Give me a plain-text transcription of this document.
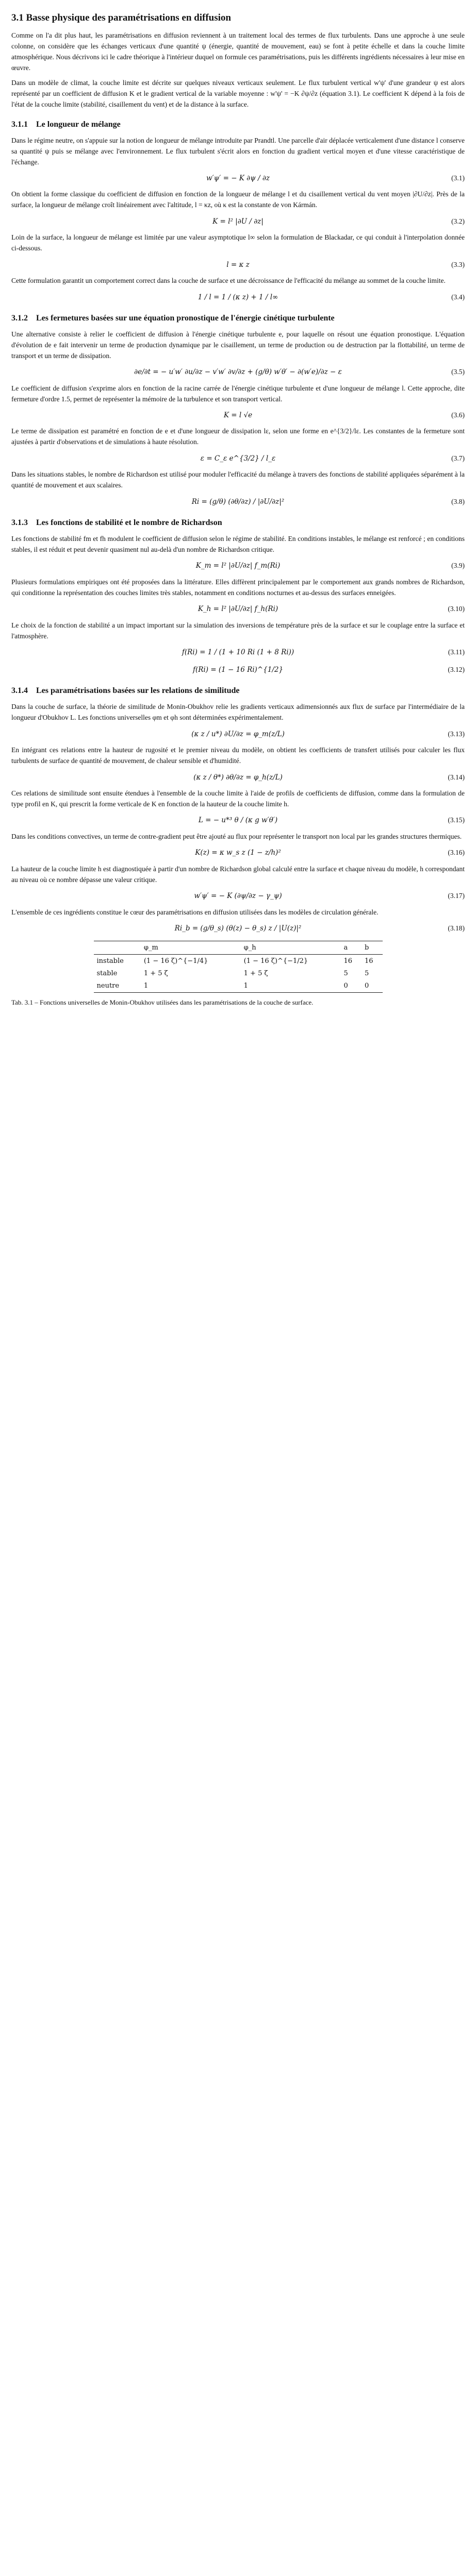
3.1 Basse physique des paramétrisations en diffusion

Comme on l'a dit plus haut, les paramétrisations en diffusion reviennent à un traitement local des termes de flux turbulents. Dans une approche à une seule colonne, on considère que les échanges verticaux d'une quantité ψ (énergie, quantité de mouvement, eau) se font à petite échelle et dans la couche limite atmosphérique. Nous décrivons ici le cadre théorique à l'intérieur duquel on formule ces paramétrisations, puis les différents ingrédients nécessaires à leur mise en œuvre.

Dans un modèle de climat, la couche limite est décrite sur quelques niveaux verticaux seulement. Le flux turbulent vertical w'ψ' d'une grandeur ψ est alors représenté par un coefficient de diffusion K et le gradient vertical de la variable moyenne : w'ψ' = −K ∂ψ/∂z (équation 3.1). Le coefficient K dépend à la fois de l'état de la couche limite (stabilité, cisaillement du vent) et de la distance à la surface.

3.1.1  Le longueur de mélange

Dans le régime neutre, on s'appuie sur la notion de longueur de mélange introduite par Prandtl. Une parcelle d'air déplacée verticalement d'une distance l conserve sa quantité ψ puis se mélange avec l'environnement. Le flux turbulent s'écrit alors en fonction du gradient vertical moyen et d'une vitesse caractéristique de l'échange.

w′ψ′ = − K ∂ψ / ∂z	(3.1)

On obtient la forme classique du coefficient de diffusion en fonction de la longueur de mélange l et du cisaillement vertical du vent moyen |∂U/∂z|. Près de la surface, la longueur de mélange croît linéairement avec l'altitude, l = κz, où κ est la constante de von Kármán.

K = l² |∂U / ∂z|	(3.2)

Loin de la surface, la longueur de mélange est limitée par une valeur asymptotique l∞ selon la formulation de Blackadar, ce qui conduit à l'interpolation donnée ci-dessous.

l = κ z	(3.3)

Cette formulation garantit un comportement correct dans la couche de surface et une décroissance de l'efficacité du mélange au sommet de la couche limite.

1 / l = 1 / (κ z) + 1 / l∞	(3.4)
3.1.2  Les fermetures basées sur une équation pronostique de l'énergie cinétique turbulente

Une alternative consiste à relier le coefficient de diffusion à l'énergie cinétique turbulente e, pour laquelle on résout une équation pronostique. L'équation d'évolution de e fait intervenir un terme de production dynamique par le cisaillement, un terme de production ou de destruction par la flottabilité, un terme de transport et un terme de dissipation.

∂e/∂t = − u′w′ ∂u/∂z − v′w′ ∂v/∂z + (g/θ) w′θ′ − ∂(w′e)/∂z − ε	(3.5)

Le coefficient de diffusion s'exprime alors en fonction de la racine carrée de l'énergie cinétique turbulente et d'une longueur de mélange l. Cette approche, dite fermeture d'ordre 1.5, permet de représenter la mémoire de la turbulence et son transport vertical.

K = l √e	(3.6)

Le terme de dissipation est paramétré en fonction de e et d'une longueur de dissipation lε, selon une forme en e^{3/2}/lε. Les constantes de la fermeture sont ajustées à partir d'observations et de simulations à haute résolution.

ε = C_ε e^{3/2} / l_ε	(3.7)

Dans les situations stables, le nombre de Richardson est utilisé pour moduler l'efficacité du mélange à travers des fonctions de stabilité appliquées séparément à la quantité de mouvement et aux scalaires.

Ri = (g/θ) (∂θ/∂z) / |∂U/∂z|²	(3.8)
3.1.3  Les fonctions de stabilité et le nombre de Richardson

Les fonctions de stabilité fm et fh modulent le coefficient de diffusion selon le régime de stabilité. En conditions instables, le mélange est renforcé ; en conditions stables, il est réduit et peut devenir quasiment nul au-delà d'un nombre de Richardson critique.

K_m = l² |∂U/∂z| f_m(Ri)	(3.9)

Plusieurs formulations empiriques ont été proposées dans la littérature. Elles diffèrent principalement par le comportement aux grands nombres de Richardson, qui conditionne la représentation des couches limites très stables, notamment en conditions nocturnes et au-dessus des surfaces enneigées.

K_h = l² |∂U/∂z| f_h(Ri)	(3.10)

Le choix de la fonction de stabilité a un impact important sur la simulation des inversions de température près de la surface et sur le couplage entre la surface et l'atmosphère.

f(Ri) = 1 / (1 + 10 Ri (1 + 8 Ri))	(3.11)
f(Ri) = (1 − 16 Ri)^{1/2}	(3.12)
3.1.4  Les paramétrisations basées sur les relations de similitude

Dans la couche de surface, la théorie de similitude de Monin-Obukhov relie les gradients verticaux adimensionnés aux flux de surface par l'intermédiaire de la longueur d'Obukhov L. Les fonctions universelles φm et φh sont déterminées expérimentalement.

(κ z / u*) ∂U/∂z = φ_m(z/L)	(3.13)

En intégrant ces relations entre la hauteur de rugosité et le premier niveau du modèle, on obtient les coefficients de transfert utilisés pour calculer les flux turbulents de surface de quantité de mouvement, de chaleur sensible et d'humidité.

(κ z / θ*) ∂θ/∂z = φ_h(z/L)	(3.14)

Ces relations de similitude sont ensuite étendues à l'ensemble de la couche limite à l'aide de profils de coefficients de diffusion, comme dans la formulation de type profil en K, qui prescrit la forme verticale de K en fonction de la hauteur de la couche limite h.

L = − u*³ θ / (κ g w′θ′)	(3.15)

Dans les conditions convectives, un terme de contre-gradient peut être ajouté au flux pour représenter le transport non local par les grandes structures thermiques.

K(z) = κ w_s z (1 − z/h)²	(3.16)

La hauteur de la couche limite h est diagnostiquée à partir d'un nombre de Richardson global calculé entre la surface et chaque niveau du modèle, h correspondant au niveau où ce nombre dépasse une valeur critique.

w′ψ′ = − K (∂ψ/∂z − γ_ψ)	(3.17)

L'ensemble de ces ingrédients constitue le cœur des paramétrisations en diffusion utilisées dans les modèles de circulation générale.

Ri_b = (g/θ_s) (θ(z) − θ_s) z / |U(z)|²	(3.18)

	φ_m	φ_h	a	b

instable	(1 − 16 ζ)^{−1/4}	(1 − 16 ζ)^{−1/2}	16	16
stable	1 + 5 ζ	1 + 5 ζ	5	5
neutre	1	1	0	0

Tab. 3.1 – Fonctions universelles de Monin-Obukhov utilisées dans les paramétrisations de la couche de surface.
